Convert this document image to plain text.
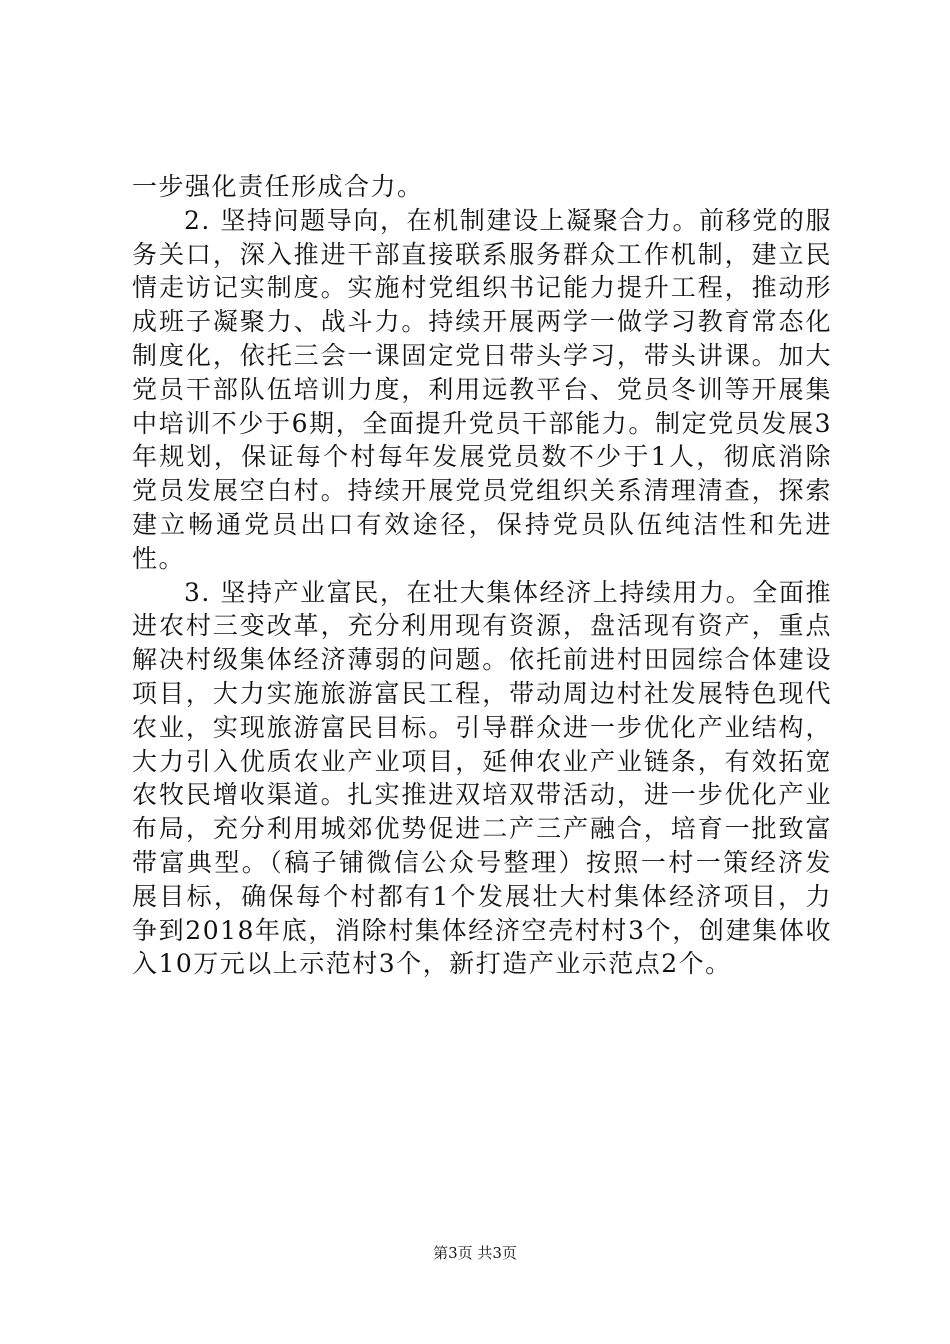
一步强化责任形成合力。

2. 坚持问题导向，在机制建设上凝聚合力。前移党的服务关口，深入推进干部直接联系服务群众工作机制，建立民情走访记实制度。实施村党组织书记能力提升工程，推动形成班子凝聚力、战斗力。持续开展两学一做学习教育常态化制度化，依托三会一课固定党日带头学习，带头讲课。加大党员干部队伍培训力度，利用远教平台、党员冬训等开展集中培训不少于6期，全面提升党员干部能力。制定党员发展3年规划，保证每个村每年发展党员数不少于1人，彻底消除党员发展空白村。持续开展党员党组织关系清理清查，探索建立畅通党员出口有效途径，保持党员队伍纯洁性和先进性。

3. 坚持产业富民，在壮大集体经济上持续用力。全面推进农村三变改革，充分利用现有资源，盘活现有资产，重点解决村级集体经济薄弱的问题。依托前进村田园综合体建设项目，大力实施旅游富民工程，带动周边村社发展特色现代农业，实现旅游富民目标。引导群众进一步优化产业结构，大力引入优质农业产业项目，延伸农业产业链条，有效拓宽农牧民增收渠道。扎实推进双培双带活动，进一步优化产业布局，充分利用城郊优势促进二产三产融合，培育一批致富带富典型。（稿子铺微信公众号整理）按照一村一策经济发展目标，确保每个村都有1个发展壮大村集体经济项目，力争到2018年底，消除村集体经济空壳村村3个，创建集体收入10万元以上示范村3个，新打造产业示范点2个。

第3页 共3页
